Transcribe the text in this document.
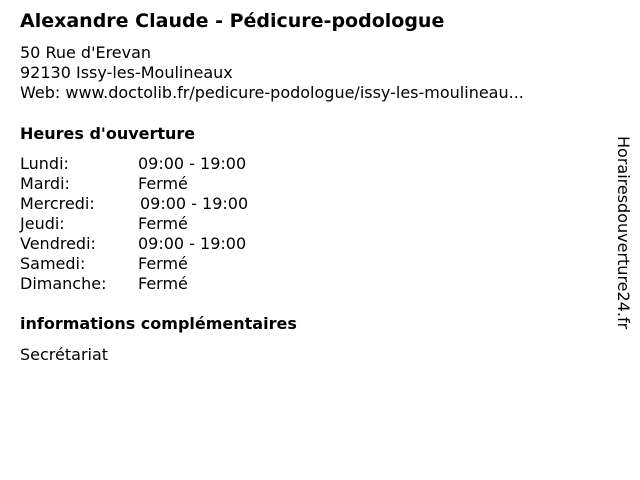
Alexandre Claude - Pédicure-podologue
50 Rue d'Erevan
92130 Issy-les-Moulineaux
Web: www.doctolib.fr/pedicure-podologue/issy-les-moulineau...
Heures d'ouverture
Lundi:	09:00 - 19:00
Mardi:	Fermé
Mercredi:	09:00 - 19:00
Jeudi:	Fermé
Vendredi:	09:00 - 19:00
Samedi:	Fermé
Dimanche: Fermé
informations complémentaires
Secrétariat
Horairesdouverture24.fr
